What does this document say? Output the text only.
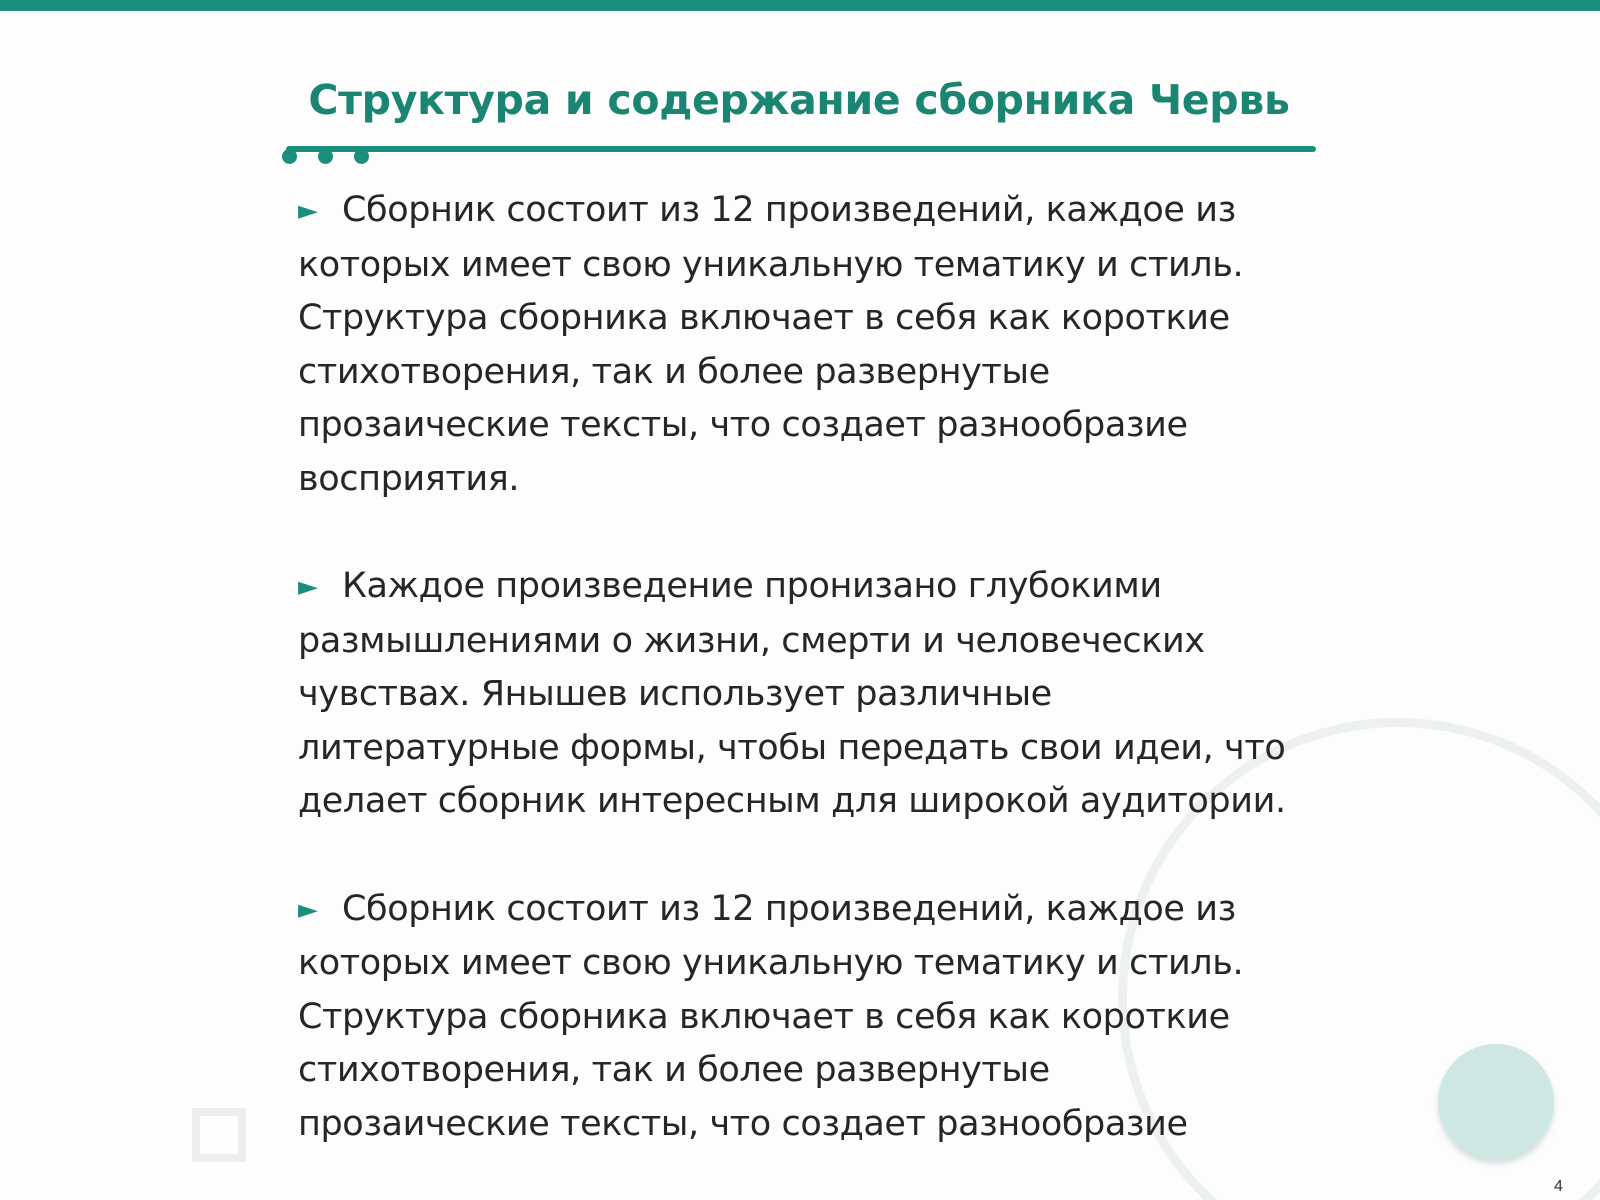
Структура и содержание сборника Червь

► Сборник состоит из 12 произведений, каждое из которых имеет свою уникальную тематику и стиль. Структура сборника включает в себя как короткие стихотворения, так и более развернутые прозаические тексты, что создает разнообразие восприятия.

► Каждое произведение пронизано глубокими размышлениями о жизни, смерти и человеческих чувствах. Янышев использует различные литературные формы, чтобы передать свои идеи, что делает сборник интересным для широкой аудитории.

► Сборник состоит из 12 произведений, каждое из которых имеет свою уникальную тематику и стиль. Структура сборника включает в себя как короткие стихотворения, так и более развернутые прозаические тексты, что создает разнообразие

4
